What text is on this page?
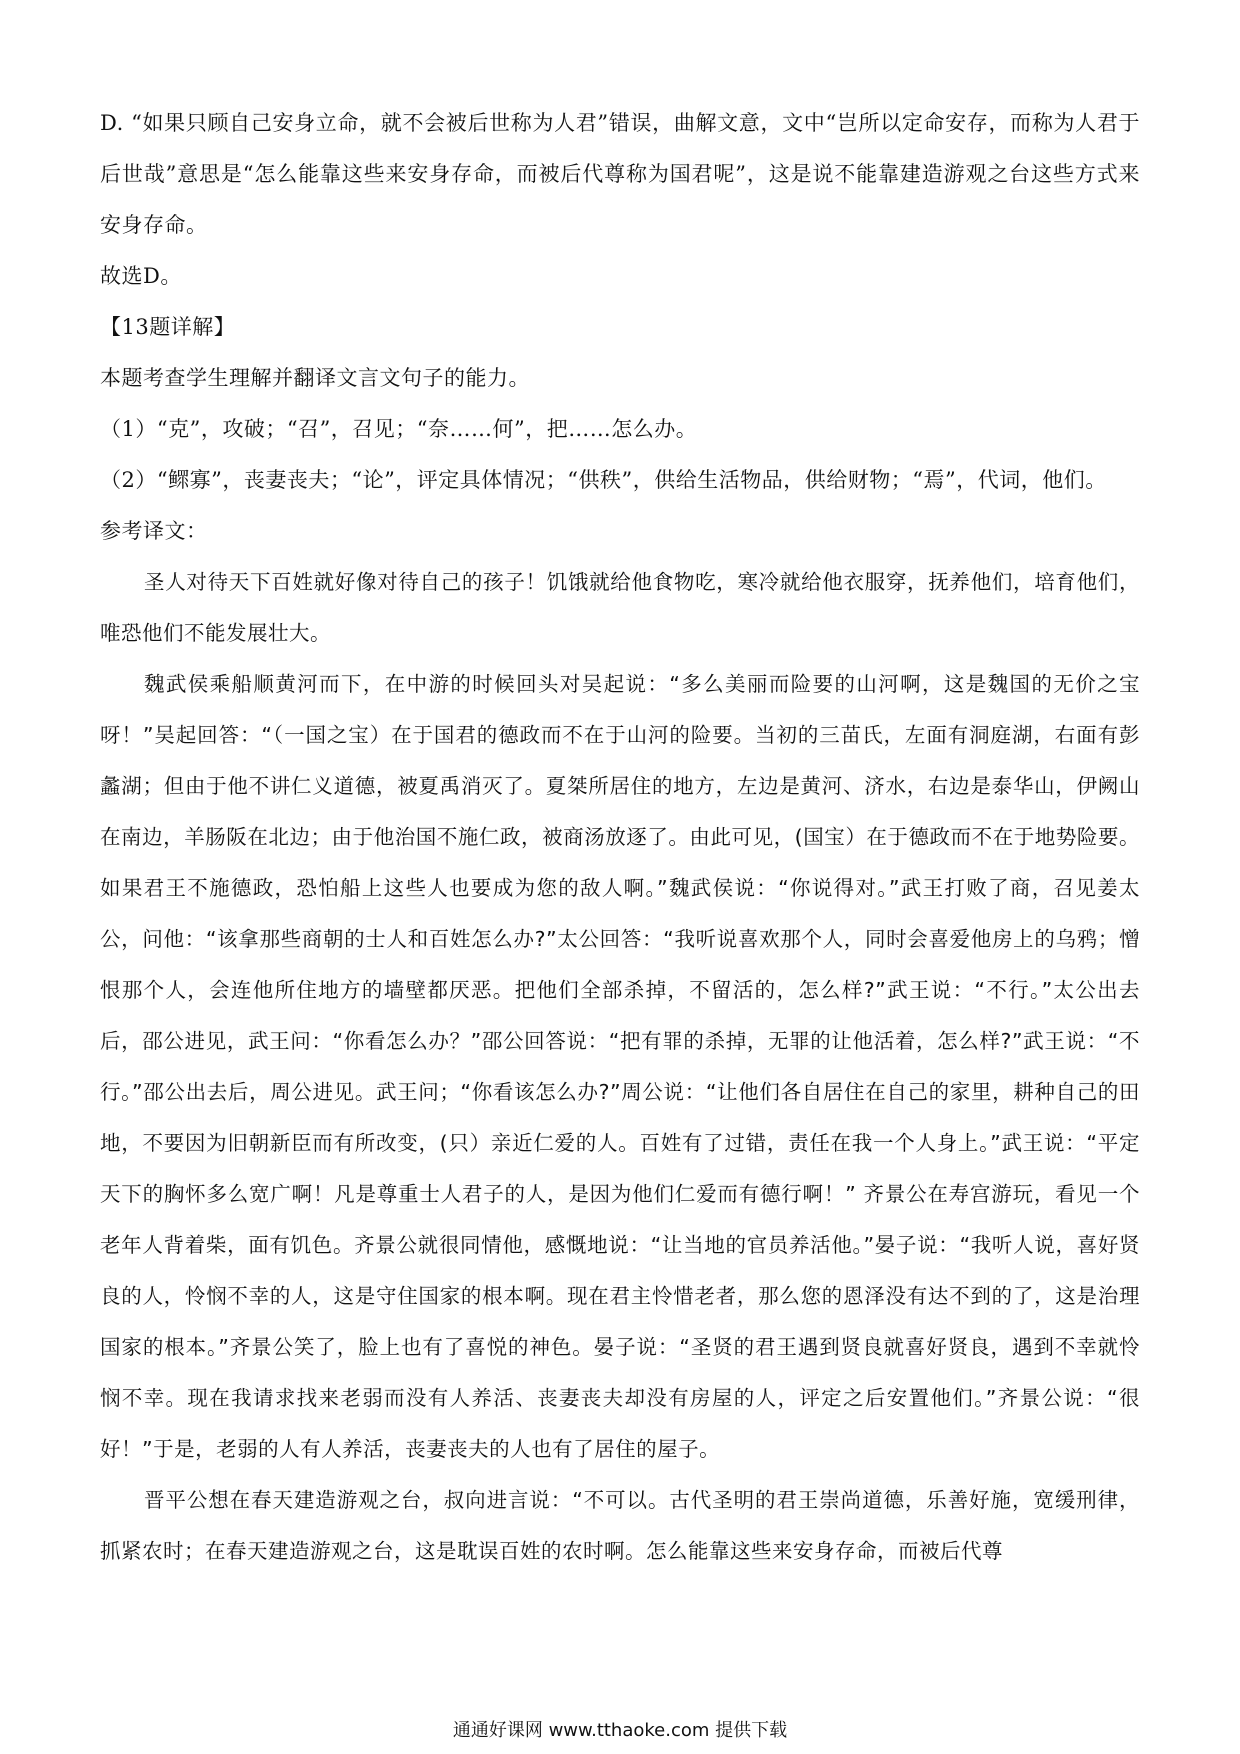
D. “如果只顾自己安身立命，就不会被后世称为人君”错误，曲解文意，文中“岂所以定命安存，而称为人君于后世哉”意思是“怎么能靠这些来安身存命，而被后代尊称为国君呢”，这是说不能靠建造游观之台这些方式来安身存命。

故选D。

【13题详解】

本题考查学生理解并翻译文言文句子的能力。

（1）“克”，攻破；“召”，召见；“奈……何”，把……怎么办。

（2）“鳏寡”，丧妻丧夫；“论”，评定具体情况；“供秩”，供给生活物品，供给财物；“焉”，代词，他们。

参考译文：

圣人对待天下百姓就好像对待自己的孩子！饥饿就给他食物吃，寒冷就给他衣服穿，抚养他们，培育他们，唯恐他们不能发展壮大。

魏武侯乘船顺黄河而下，在中游的时候回头对吴起说：“多么美丽而险要的山河啊，这是魏国的无价之宝呀！”吴起回答：“（一国之宝）在于国君的德政而不在于山河的险要。当初的三苗氏，左面有洞庭湖，右面有彭蠡湖；但由于他不讲仁义道德，被夏禹消灭了。夏桀所居住的地方，左边是黄河、济水，右边是泰华山，伊阙山在南边，羊肠阪在北边；由于他治国不施仁政，被商汤放逐了。由此可见，(国宝）在于德政而不在于地势险要。如果君王不施德政，恐怕船上这些人也要成为您的敌人啊。”魏武侯说：“你说得对。”武王打败了商，召见姜太公，问他：“该拿那些商朝的士人和百姓怎么办?”太公回答：“我听说喜欢那个人，同时会喜爱他房上的乌鸦；憎恨那个人，会连他所住地方的墙壁都厌恶。把他们全部杀掉，不留活的，怎么样?”武王说：“不行。”太公出去后，邵公进见，武王问：“你看怎么办？”邵公回答说：“把有罪的杀掉，无罪的让他活着，怎么样?”武王说：“不行。”邵公出去后，周公进见。武王问；“你看该怎么办?”周公说：“让他们各自居住在自己的家里，耕种自己的田地，不要因为旧朝新臣而有所改变，(只）亲近仁爱的人。百姓有了过错，责任在我一个人身上。”武王说：“平定天下的胸怀多么宽广啊！凡是尊重士人君子的人，是因为他们仁爱而有德行啊！” 齐景公在寿宫游玩，看见一个老年人背着柴，面有饥色。齐景公就很同情他，感慨地说：“让当地的官员养活他。”晏子说：“我听人说，喜好贤良的人，怜悯不幸的人，这是守住国家的根本啊。现在君主怜惜老者，那么您的恩泽没有达不到的了，这是治理国家的根本。”齐景公笑了，脸上也有了喜悦的神色。晏子说：“圣贤的君王遇到贤良就喜好贤良，遇到不幸就怜悯不幸。现在我请求找来老弱而没有人养活、丧妻丧夫却没有房屋的人，评定之后安置他们。”齐景公说：“很好！”于是，老弱的人有人养活，丧妻丧夫的人也有了居住的屋子。

晋平公想在春天建造游观之台，叔向进言说：“不可以。古代圣明的君王崇尚道德，乐善好施，宽缓刑律，抓紧农时；在春天建造游观之台，这是耽误百姓的农时啊。怎么能靠这些来安身存命，而被后代尊

通通好课网 www.tthaoke.com 提供下载
